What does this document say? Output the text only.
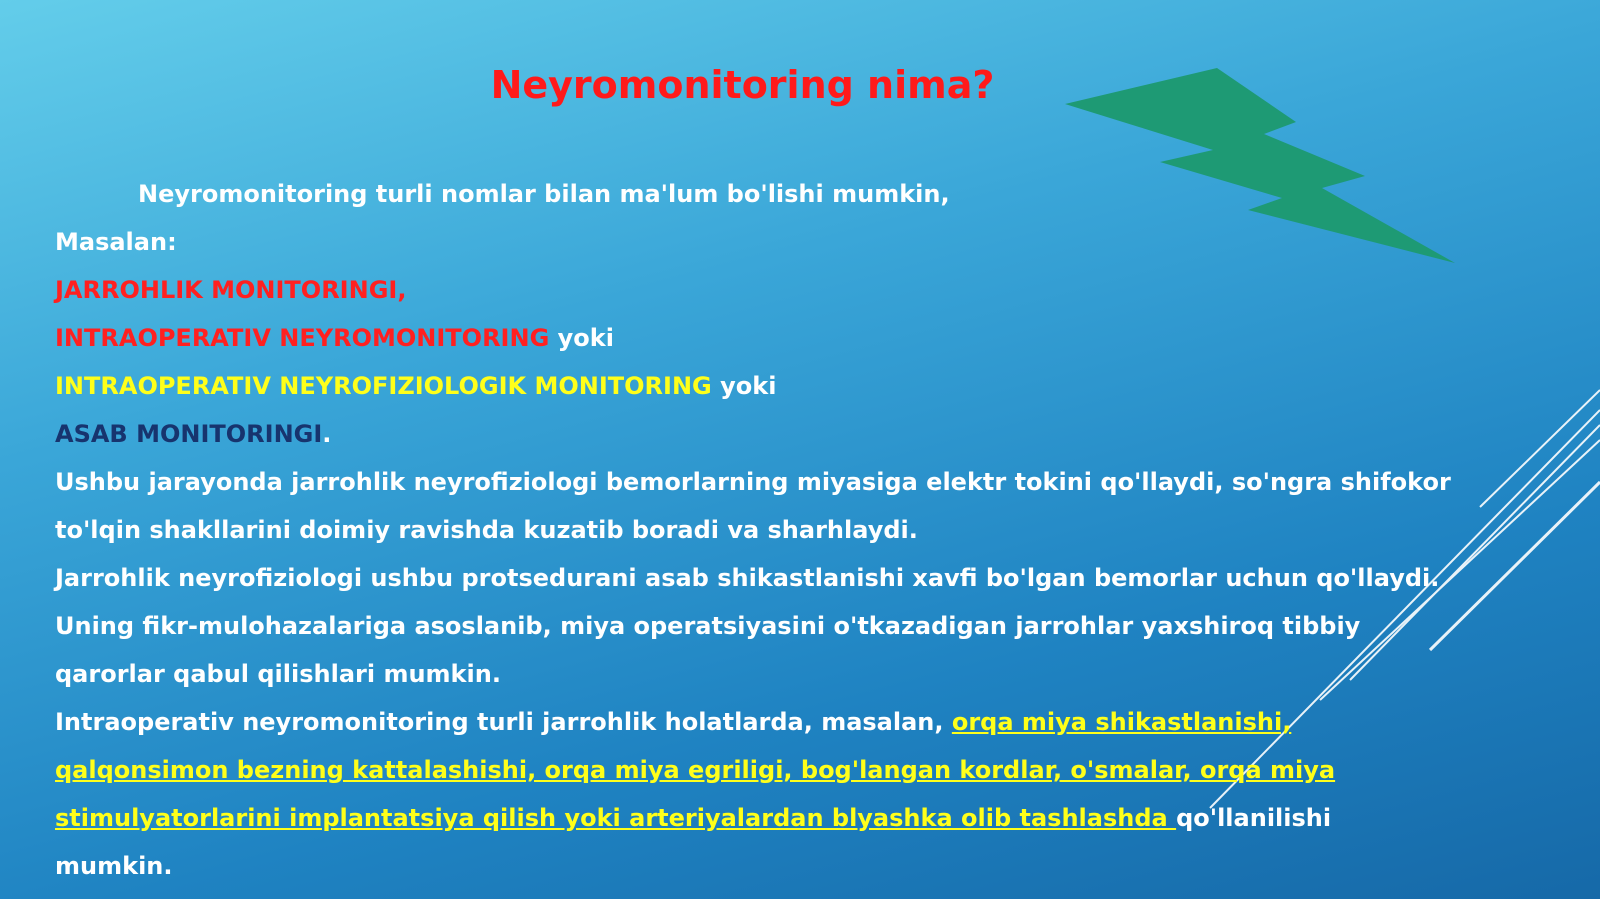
Neyromonitoring nima?
Neyromonitoring turli nomlar bilan ma'lum bo'lishi mumkin,
Masalan:
JARROHLIK MONITORINGI,
INTRAOPERATIV NEYROMONITORING yoki
INTRAOPERATIV NEYROFIZIOLOGIK MONITORING yoki
ASAB MONITORINGI.
Ushbu jarayonda jarrohlik neyrofiziologi bemorlarning miyasiga elektr tokini qo'llaydi, so'ngra shifokor to'lqin shakllarini doimiy ravishda kuzatib boradi va sharhlaydi.
Jarrohlik neyrofiziologi ushbu protsedurani asab shikastlanishi xavfi bo'lgan bemorlar uchun qo'llaydi.
Uning fikr-mulohazalariga asoslanib, miya operatsiyasini o'tkazadigan jarrohlar yaxshiroq tibbiy qarorlar qabul qilishlari mumkin.
Intraoperativ neyromonitoring turli jarrohlik holatlarda, masalan, orqa miya shikastlanishi, qalqonsimon bezning kattalashishi, orqa miya egriligi, bog'langan kordlar, o'smalar, orqa miya stimulyatorlarini implantatsiya qilish yoki arteriyalardan blyashka olib tashlashda qo'llanilishi mumkin.
